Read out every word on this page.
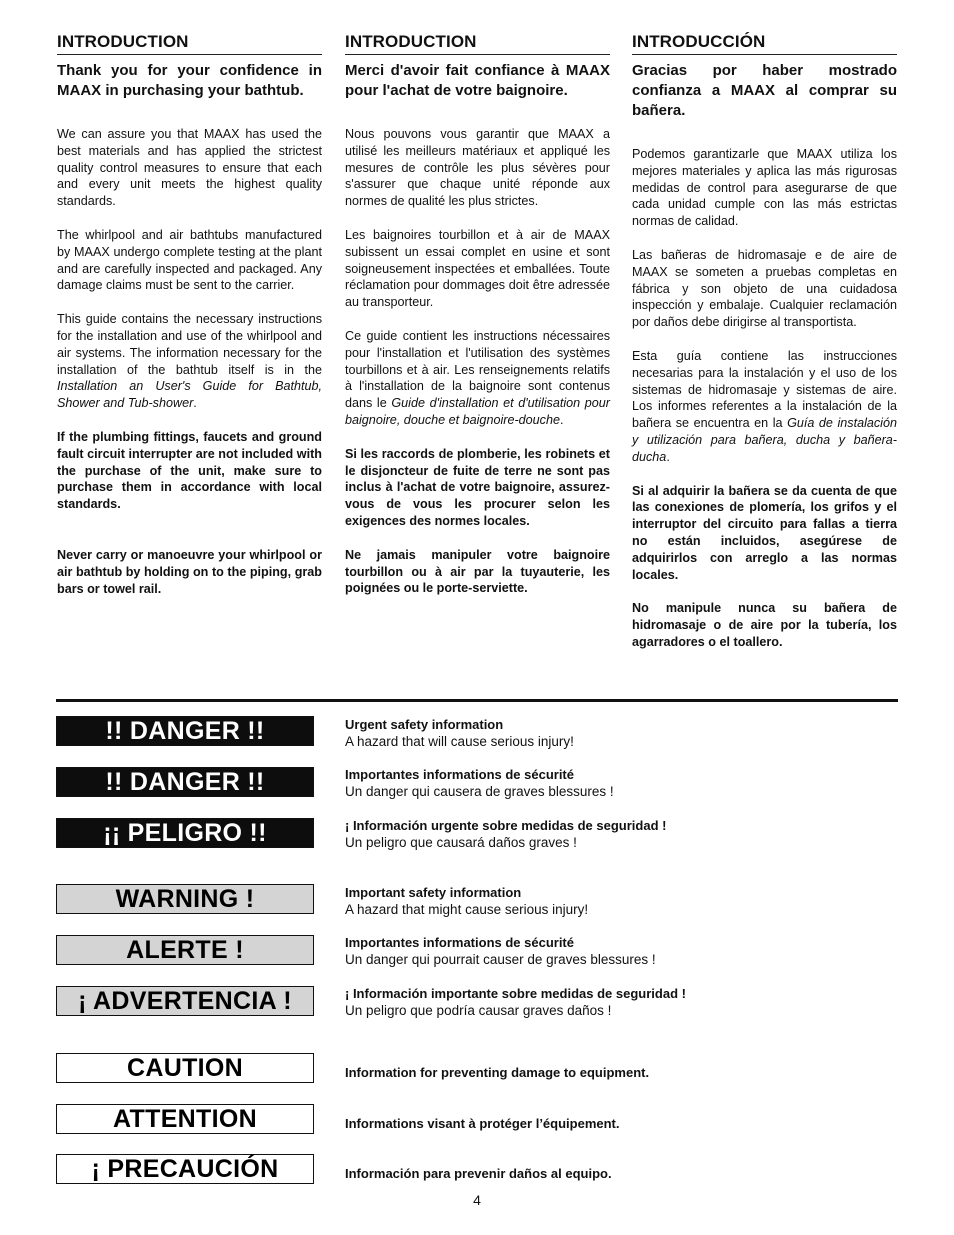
INTRODUCTION
Thank you for your confidence in MAAX in purchasing your bathtub.

We can assure you that MAAX has used the best materials and has applied the strictest quality control measures to ensure that each and every unit meets the highest quality standards.

The whirlpool and air bathtubs manufactured by MAAX undergo complete testing at the plant and are carefully inspected and packaged. Any damage claims must be sent to the carrier.

This guide contains the necessary instructions for the installation and use of the whirlpool and air systems. The information necessary for the installation of the bathtub itself is in the Installation an User's Guide for Bathtub, Shower and Tub-shower.

If the plumbing fittings, faucets and ground fault circuit interrupter are not included with the purchase of the unit, make sure to purchase them in accordance with local standards.

Never carry or manoeuvre your whirlpool or air bathtub by holding on to the piping, grab bars or towel rail.

INTRODUCTION
Merci d'avoir fait confiance à MAAX pour l'achat de votre baignoire.

Nous pouvons vous garantir que MAAX a utilisé les meilleurs matériaux et appliqué les mesures de contrôle les plus sévères pour s'assurer que chaque unité réponde aux normes de qualité les plus strictes.

Les baignoires tourbillon et à air de MAAX subissent un essai complet en usine et sont soigneusement inspectées et emballées. Toute réclamation pour dommages doit être adressée au transporteur.

Ce guide contient les instructions nécessaires pour l'installation et l'utilisation des systèmes tourbillons et à air. Les renseignements relatifs à l'installation de la baignoire sont contenus dans le Guide d'installation et d'utilisation pour baignoire, douche et baignoire-douche.

Si les raccords de plomberie, les robinets et le disjoncteur de fuite de terre ne sont pas inclus à l'achat de votre baignoire, assurez-vous de vous les procurer selon les exigences des normes locales.

Ne jamais manipuler votre baignoire tourbillon ou à air par la tuyauterie, les poignées ou le porte-serviette.

INTRODUCCIÓN
Gracias por haber mostrado confianza a MAAX al comprar su bañera.

Podemos garantizarle que MAAX utiliza los mejores materiales y aplica las más rigurosas medidas de control para asegurarse de que cada unidad cumple con las más estrictas normas de calidad.

Las bañeras de hidromasaje e de aire de MAAX se someten a pruebas completas en fábrica y son objeto de una cuidadosa inspección y embalaje. Cualquier reclamación por daños debe dirigirse al transportista.

Esta guía contiene las instrucciones necesarias para la instalación y el uso de los sistemas de hidromasaje y sistemas de aire. Los informes referentes a la instalación de la bañera se encuentra en la Guía de instalación y utilización para bañera, ducha y bañera-ducha.

Si al adquirir la bañera se da cuenta de que las conexiones de plomería, los grifos y el interruptor del circuito para fallas a tierra no están incluidos, asegúrese de adquirirlos con arreglo a las normas locales.

No manipule nunca su bañera de hidromasaje o de aire por la tubería, los agarradores o el toallero.

!! DANGER !!	Urgent safety information
A hazard that will cause serious injury!
!! DANGER !!	Importantes informations de sécurité
Un danger qui causera de graves blessures !
¡¡ PELIGRO !!	¡ Información urgente sobre medidas de seguridad !
Un peligro que causará daños graves !
WARNING !	Important safety information
A hazard that might cause serious injury!
ALERTE !	Importantes informations de sécurité
Un danger qui pourrait causer de graves blessures !
¡ ADVERTENCIA !	¡ Información importante sobre medidas de seguridad !
Un peligro que podría causar graves daños !
CAUTION	Information for preventing damage to equipment.
ATTENTION	Informations visant à protéger l’équipement.
¡ PRECAUCIÓN	Información para prevenir daños al equipo.
4
